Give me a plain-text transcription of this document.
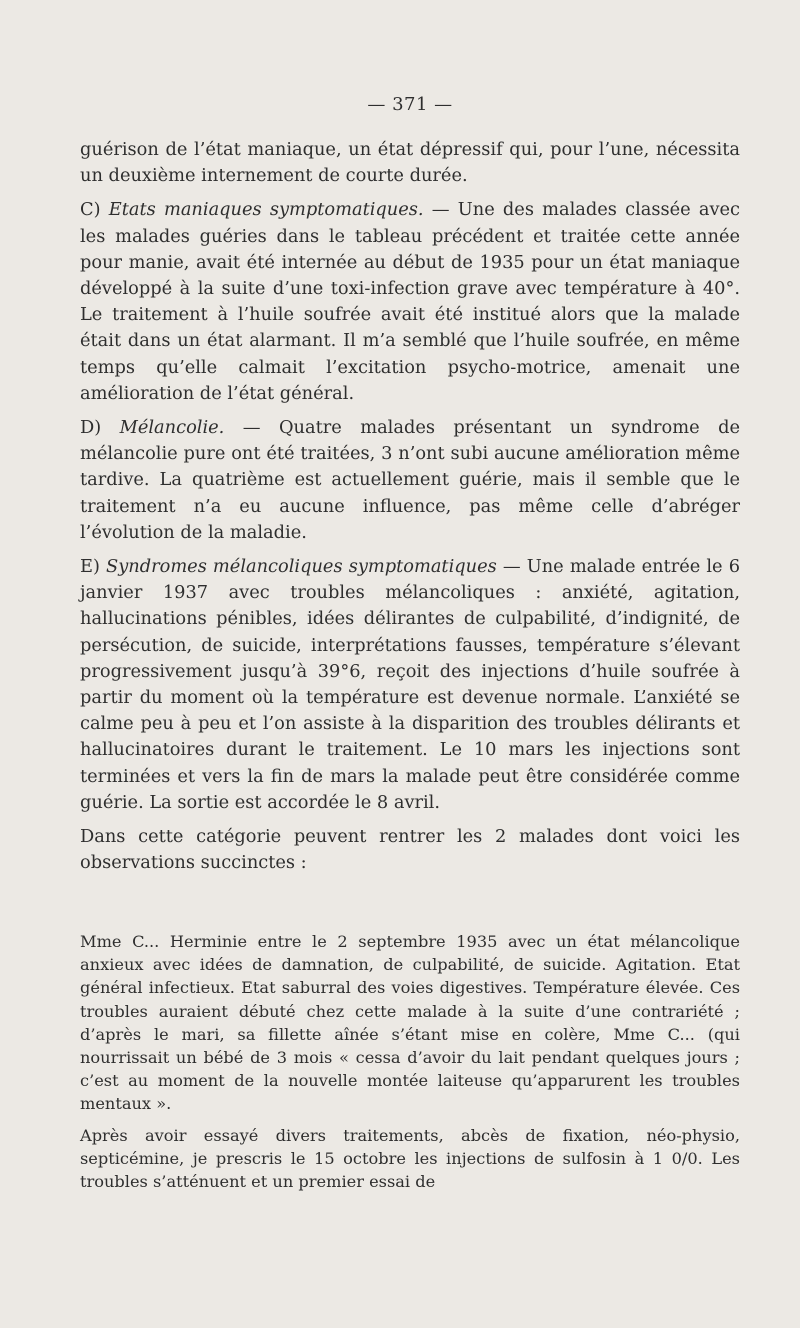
— 371 —

guérison de l’état maniaque, un état dépressif qui, pour l’une, nécessita un deuxième internement de courte durée.

C) Etats maniaques symptomatiques. — Une des malades classée avec les malades guéries dans le tableau précédent et traitée cette année pour manie, avait été internée au début de 1935 pour un état maniaque développé à la suite d’une toxi-infection grave avec température à 40°. Le traitement à l’huile soufrée avait été institué alors que la malade était dans un état alarmant. Il m’a semblé que l’huile soufrée, en même temps qu’elle calmait l’excitation psycho-motrice, amenait une amélioration de l’état général.

D) Mélancolie. — Quatre malades présentant un syndrome de mélancolie pure ont été traitées, 3 n’ont subi aucune amélioration même tardive. La quatrième est actuellement guérie, mais il semble que le traitement n’a eu aucune influence, pas même celle d’abréger l’évolution de la maladie.

E) Syndromes mélancoliques symptomatiques — Une malade entrée le 6 janvier 1937 avec troubles mélancoliques : anxiété, agitation, hallucinations pénibles, idées délirantes de culpabilité, d’indignité, de persécution, de suicide, interprétations fausses, température s’élevant progressivement jusqu’à 39°6, reçoit des injections d’huile soufrée à partir du moment où la température est devenue normale. L’anxiété se calme peu à peu et l’on assiste à la disparition des troubles délirants et hallucinatoires durant le traitement. Le 10 mars les injections sont terminées et vers la fin de mars la malade peut être considérée comme guérie. La sortie est accordée le 8 avril.

Dans cette catégorie peuvent rentrer les 2 malades dont voici les observations succinctes :

Mme C... Herminie entre le 2 septembre 1935 avec un état mélancolique anxieux avec idées de damnation, de culpabilité, de suicide. Agitation. Etat général infectieux. Etat saburral des voies digestives. Température élevée. Ces troubles auraient débuté chez cette malade à la suite d’une contrariété ; d’après le mari, sa fillette aînée s’étant mise en colère, Mme C... (qui nourrissait un bébé de 3 mois « cessa d’avoir du lait pendant quelques jours ; c’est au moment de la nouvelle montée laiteuse qu’apparurent les troubles mentaux ».

Après avoir essayé divers traitements, abcès de fixation, néo-physio, septicémine, je prescris le 15 octobre les injections de sulfosin à 1 0/0. Les troubles s’atténuent et un premier essai de
